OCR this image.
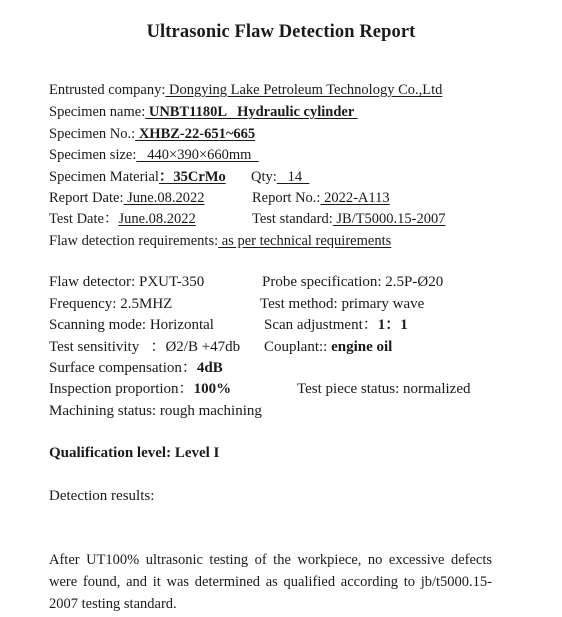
Ultrasonic Flaw Detection Report
Entrusted company: Dongying Lake Petroleum Technology Co.,Ltd
Specimen name: UNBT1180L   Hydraulic cylinder
Specimen No.: XHBZ-22-651~665
Specimen size:   440×390×660mm
Specimen Material：35CrMo Qty:   14
Report Date: June.08.2022	Report No.: 2022-A113
Test Date：June.08.2022	Test standard: JB/T5000.15-2007
Flaw detection requirements: as per technical requirements
Flaw detector: PXUT-350	Probe specification: 2.5P-Ø20
Frequency: 2.5MHZ	Test method: primary wave
Scanning mode: Horizontal	Scan adjustment：1：1
Test sensitivity   ：Ø2/B +47db Couplant:: engine oil
Surface compensation：4dB
Inspection proportion：100%	Test piece status: normalized
Machining status: rough machining
Qualification level: Level I
Detection results:
After UT100% ultrasonic testing of the workpiece, no excessive defects were found, and it was determined as qualified according to jb/t5000.15-2007 testing standard.
